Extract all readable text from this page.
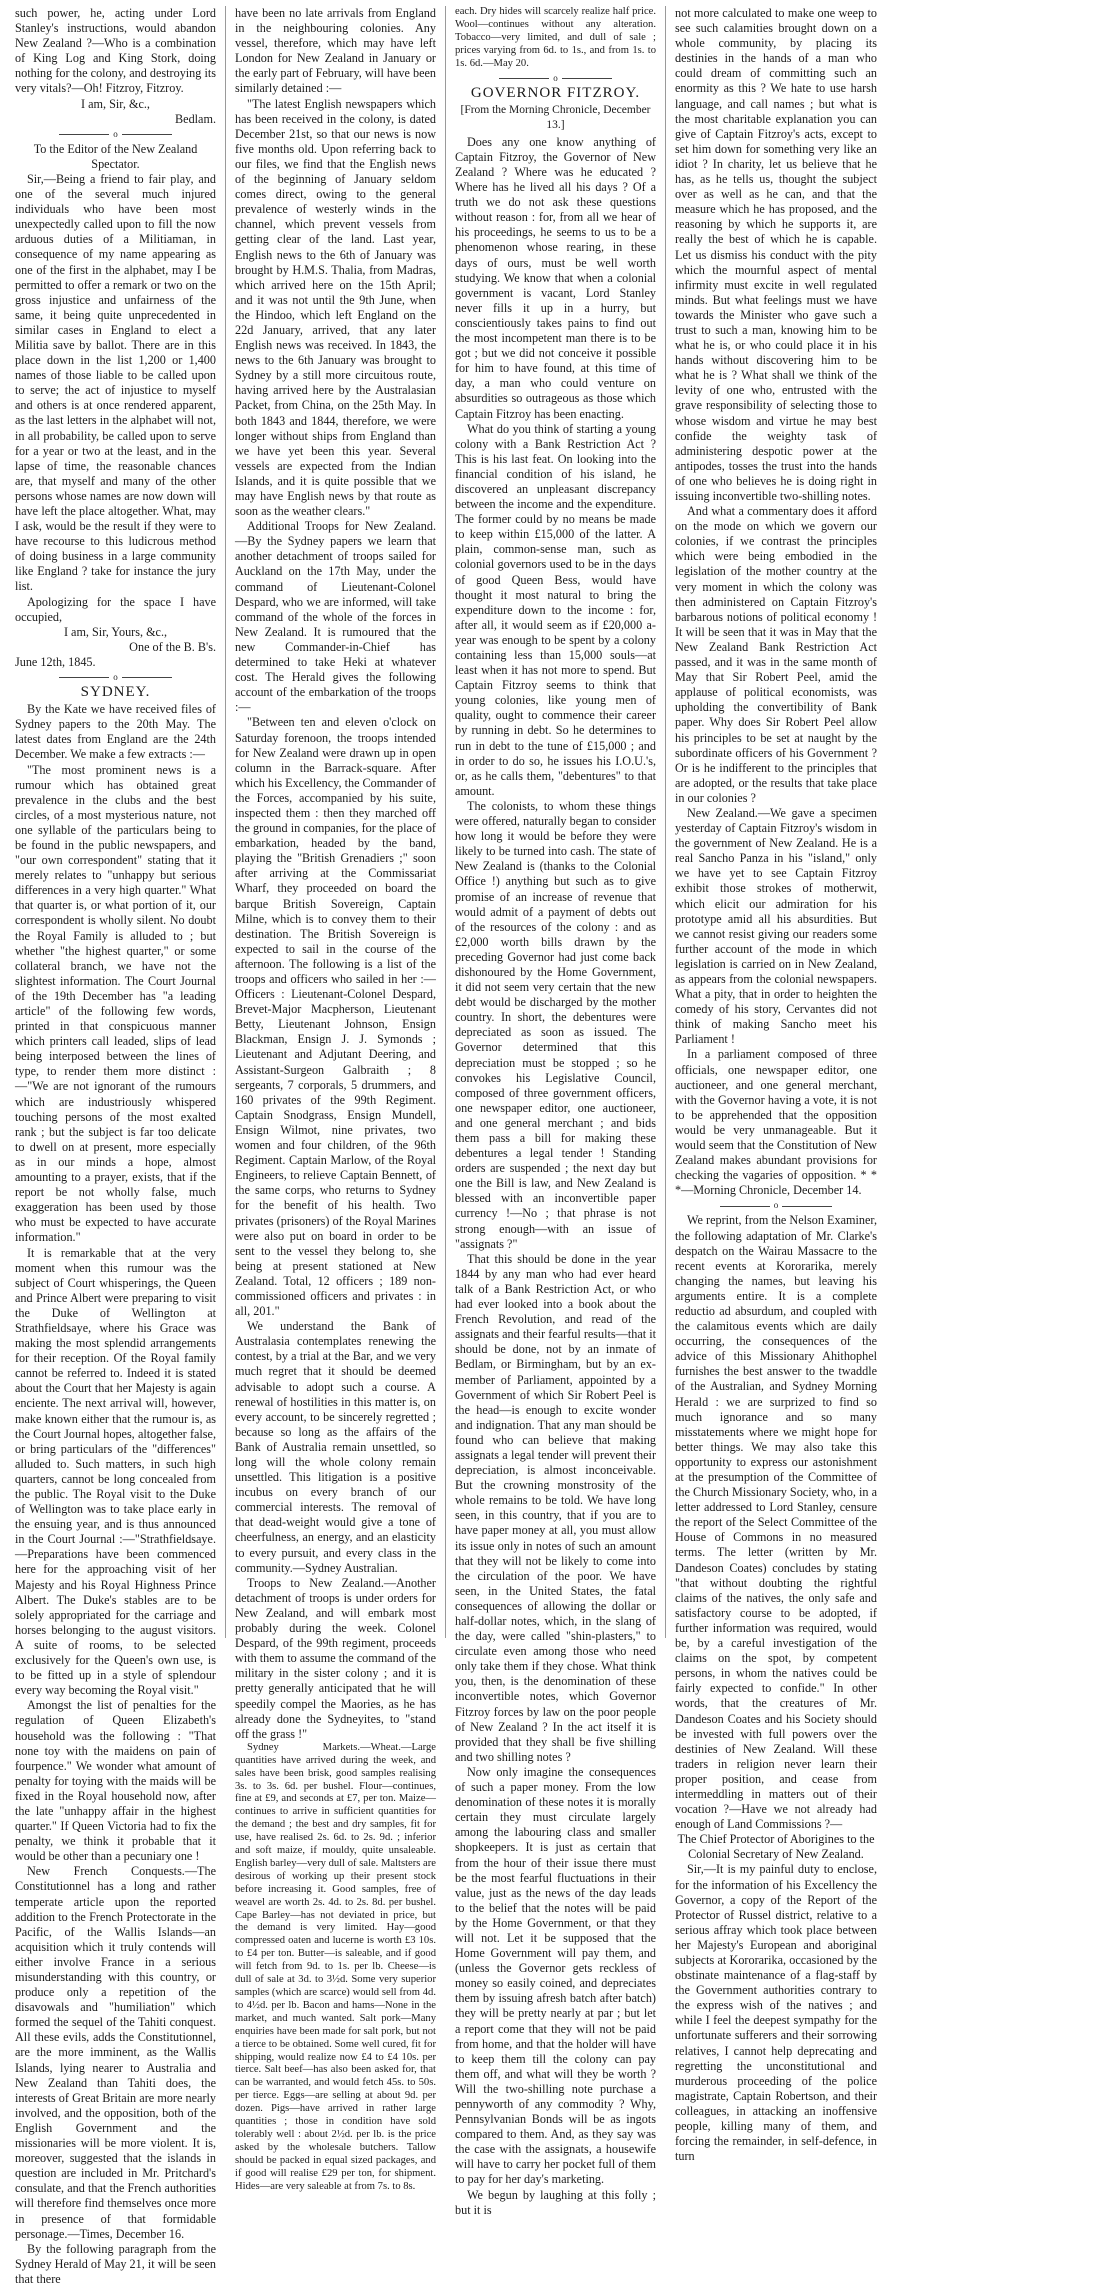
such power, he, acting under Lord Stanley's instructions, would abandon New Zealand ?—Who is a combination of King Log and King Stork, doing nothing for the colony, and destroying its very vitals?—Oh! Fitzroy, Fitzroy.

I am, Sir, &c.,

Bedlam.

o

To the Editor of the New Zealand Spectator.

Sir,—Being a friend to fair play, and one of the several much injured individuals who have been most unexpectedly called upon to fill the now arduous duties of a Militiaman, in consequence of my name appearing as one of the first in the alphabet, may I be permitted to offer a remark or two on the gross injustice and unfairness of the same, it being quite unprecedented in similar cases in England to elect a Militia save by ballot. There are in this place down in the list 1,200 or 1,400 names of those liable to be called upon to serve; the act of injustice to myself and others is at once rendered apparent, as the last letters in the alphabet will not, in all probability, be called upon to serve for a year or two at the least, and in the lapse of time, the reasonable chances are, that myself and many of the other persons whose names are now down will have left the place altogether. What, may I ask, would be the result if they were to have recourse to this ludicrous method of doing business in a large community like England ? take for instance the jury list.

Apologizing for the space I have occupied,

I am, Sir, Yours, &c.,

One of the B. B's.

June 12th, 1845.

o
SYDNEY.

By the Kate we have received files of Sydney papers to the 20th May. The latest dates from England are the 24th December. We make a few extracts :—

"The most prominent news is a rumour which has obtained great prevalence in the clubs and the best circles, of a most mysterious nature, not one syllable of the particulars being to be found in the public newspapers, and "our own correspondent" stating that it merely relates to "unhappy but serious differences in a very high quarter." What that quarter is, or what portion of it, our correspondent is wholly silent. No doubt the Royal Family is alluded to ; but whether "the highest quarter," or some collateral branch, we have not the slightest information. The Court Journal of the 19th December has "a leading article" of the following few words, printed in that conspicuous manner which printers call leaded, slips of lead being interposed between the lines of type, to render them more distinct :—"We are not ignorant of the rumours which are industriously whispered touching persons of the most exalted rank ; but the subject is far too delicate to dwell on at present, more especially as in our minds a hope, almost amounting to a prayer, exists, that if the report be not wholly false, much exaggeration has been used by those who must be expected to have accurate information."

It is remarkable that at the very moment when this rumour was the subject of Court whisperings, the Queen and Prince Albert were preparing to visit the Duke of Wellington at Strathfieldsaye, where his Grace was making the most splendid arrangements for their reception. Of the Royal family cannot be referred to. Indeed it is stated about the Court that her Majesty is again enciente. The next arrival will, however, make known either that the rumour is, as the Court Journal hopes, altogether false, or bring particulars of the "differences" alluded to. Such matters, in such high quarters, cannot be long concealed from the public. The Royal visit to the Duke of Wellington was to take place early in the ensuing year, and is thus announced in the Court Journal :—"Strathfieldsaye.—Preparations have been commenced here for the approaching visit of her Majesty and his Royal Highness Prince Albert. The Duke's stables are to be solely appropriated for the carriage and horses belonging to the august visitors. A suite of rooms, to be selected exclusively for the Queen's own use, is to be fitted up in a style of splendour every way becoming the Royal visit."

Amongst the list of penalties for the regulation of Queen Elizabeth's household was the following : "That none toy with the maidens on pain of fourpence." We wonder what amount of penalty for toying with the maids will be fixed in the Royal household now, after the late "unhappy affair in the highest quarter." If Queen Victoria had to fix the penalty, we think it probable that it would be other than a pecuniary one !

New French Conquests.—The Constitutionnel has a long and rather temperate article upon the reported addition to the French Protectorate in the Pacific, of the Wallis Islands—an acquisition which it truly contends will either involve France in a serious misunderstanding with this country, or produce only a repetition of the disavowals and "humiliation" which formed the sequel of the Tahiti conquest. All these evils, adds the Constitutionnel, are the more imminent, as the Wallis Islands, lying nearer to Australia and New Zealand than Tahiti does, the interests of Great Britain are more nearly involved, and the opposition, both of the English Government and the missionaries will be more violent. It is, moreover, suggested that the islands in question are included in Mr. Pritchard's consulate, and that the French authorities will therefore find themselves once more in presence of that formidable personage.—Times, December 16.

By the following paragraph from the Sydney Herald of May 21, it will be seen that there

have been no late arrivals from England in the neighbouring colonies. Any vessel, therefore, which may have left London for New Zealand in January or the early part of February, will have been similarly detained :—

"The latest English newspapers which has been received in the colony, is dated December 21st, so that our news is now five months old. Upon referring back to our files, we find that the English news of the beginning of January seldom comes direct, owing to the general prevalence of westerly winds in the channel, which prevent vessels from getting clear of the land. Last year, English news to the 6th of January was brought by H.M.S. Thalia, from Madras, which arrived here on the 15th April; and it was not until the 9th June, when the Hindoo, which left England on the 22d January, arrived, that any later English news was received. In 1843, the news to the 6th January was brought to Sydney by a still more circuitous route, having arrived here by the Australasian Packet, from China, on the 25th May. In both 1843 and 1844, therefore, we were longer without ships from England than we have yet been this year. Several vessels are expected from the Indian Islands, and it is quite possible that we may have English news by that route as soon as the weather clears."

Additional Troops for New Zealand.—By the Sydney papers we learn that another detachment of troops sailed for Auckland on the 17th May, under the command of Lieutenant-Colonel Despard, who we are informed, will take command of the whole of the forces in New Zealand. It is rumoured that the new Commander-in-Chief has determined to take Heki at whatever cost. The Herald gives the following account of the embarkation of the troops :—

"Between ten and eleven o'clock on Saturday forenoon, the troops intended for New Zealand were drawn up in open column in the Barrack-square. After which his Excellency, the Commander of the Forces, accompanied by his suite, inspected them : then they marched off the ground in companies, for the place of embarkation, headed by the band, playing the "British Grenadiers ;" soon after arriving at the Commissariat Wharf, they proceeded on board the barque British Sovereign, Captain Milne, which is to convey them to their destination. The British Sovereign is expected to sail in the course of the afternoon. The following is a list of the troops and officers who sailed in her :—Officers : Lieutenant-Colonel Despard, Brevet-Major Macpherson, Lieutenant Betty, Lieutenant Johnson, Ensign Blackman, Ensign J. J. Symonds ; Lieutenant and Adjutant Deering, and Assistant-Surgeon Galbraith ; 8 sergeants, 7 corporals, 5 drummers, and 160 privates of the 99th Regiment. Captain Snodgrass, Ensign Mundell, Ensign Wilmot, nine privates, two women and four children, of the 96th Regiment. Captain Marlow, of the Royal Engineers, to relieve Captain Bennett, of the same corps, who returns to Sydney for the benefit of his health. Two privates (prisoners) of the Royal Marines were also put on board in order to be sent to the vessel they belong to, she being at present stationed at New Zealand. Total, 12 officers ; 189 non-commissioned officers and privates : in all, 201."

We understand the Bank of Australasia contemplates renewing the contest, by a trial at the Bar, and we very much regret that it should be deemed advisable to adopt such a course. A renewal of hostilities in this matter is, on every account, to be sincerely regretted ; because so long as the affairs of the Bank of Australia remain unsettled, so long will the whole colony remain unsettled. This litigation is a positive incubus on every branch of our commercial interests. The removal of that dead-weight would give a tone of cheerfulness, an energy, and an elasticity to every pursuit, and every class in the community.—Sydney Australian.

Troops to New Zealand.—Another detachment of troops is under orders for New Zealand, and will embark most probably during the week. Colonel Despard, of the 99th regiment, proceeds with them to assume the command of the military in the sister colony ; and it is pretty generally anticipated that he will speedily compel the Maories, as he has already done the Sydneyites, to "stand off the grass !"

Sydney Markets.—Wheat.—Large quantities have arrived during the week, and sales have been brisk, good samples realising 3s. to 3s. 6d. per bushel. Flour—continues, fine at £9, and seconds at £7, per ton. Maize—continues to arrive in sufficient quantities for the demand ; the best and dry samples, fit for use, have realised 2s. 6d. to 2s. 9d. ; inferior and soft maize, if mouldy, quite unsaleable. English barley—very dull of sale. Maltsters are desirous of working up their present stock before increasing it. Good samples, free of weavel are worth 2s. 4d. to 2s. 8d. per bushel. Cape Barley—has not deviated in price, but the demand is very limited. Hay—good compressed oaten and lucerne is worth £3 10s. to £4 per ton. Butter—is saleable, and if good will fetch from 9d. to 1s. per lb. Cheese—is dull of sale at 3d. to 3½d. Some very superior samples (which are scarce) would sell from 4d. to 4½d. per lb. Bacon and hams—None in the market, and much wanted. Salt pork—Many enquiries have been made for salt pork, but not a tierce to be obtained. Some well cured, fit for shipping, would realize now £4 to £4 10s. per tierce. Salt beef—has also been asked for, that can be warranted, and would fetch 45s. to 50s. per tierce. Eggs—are selling at about 9d. per dozen. Pigs—have arrived in rather large quantities ; those in condition have sold tolerably well : about 2½d. per lb. is the price asked by the wholesale butchers. Tallow should be packed in equal sized packages, and if good will realise £29 per ton, for shipment. Hides—are very saleable at from 7s. to 8s.

each. Dry hides will scarcely realize half price. Wool—continues without any alteration. Tobacco—very limited, and dull of sale ; prices varying from 6d. to 1s., and from 1s. to 1s. 6d.—May 20.

o
GOVERNOR FITZROY.

[From the Morning Chronicle, December 13.]

Does any one know anything of Captain Fitzroy, the Governor of New Zealand ? Where was he educated ? Where has he lived all his days ? Of a truth we do not ask these questions without reason : for, from all we hear of his proceedings, he seems to us to be a phenomenon whose rearing, in these days of ours, must be well worth studying. We know that when a colonial government is vacant, Lord Stanley never fills it up in a hurry, but conscientiously takes pains to find out the most incompetent man there is to be got ; but we did not conceive it possible for him to have found, at this time of day, a man who could venture on absurdities so outrageous as those which Captain Fitzroy has been enacting.

What do you think of starting a young colony with a Bank Restriction Act ? This is his last feat. On looking into the financial condition of his island, he discovered an unpleasant discrepancy between the income and the expenditure. The former could by no means be made to keep within £15,000 of the latter. A plain, common-sense man, such as colonial governors used to be in the days of good Queen Bess, would have thought it most natural to bring the expenditure down to the income : for, after all, it would seem as if £20,000 a-year was enough to be spent by a colony containing less than 15,000 souls—at least when it has not more to spend. But Captain Fitzroy seems to think that young colonies, like young men of quality, ought to commence their career by running in debt. So he determines to run in debt to the tune of £15,000 ; and in order to do so, he issues his I.O.U.'s, or, as he calls them, "debentures" to that amount.

The colonists, to whom these things were offered, naturally began to consider how long it would be before they were likely to be turned into cash. The state of New Zealand is (thanks to the Colonial Office !) anything but such as to give promise of an increase of revenue that would admit of a payment of debts out of the resources of the colony : and as £2,000 worth bills drawn by the preceding Governor had just come back dishonoured by the Home Government, it did not seem very certain that the new debt would be discharged by the mother country. In short, the debentures were depreciated as soon as issued. The Governor determined that this depreciation must be stopped ; so he convokes his Legislative Council, composed of three government officers, one newspaper editor, one auctioneer, and one general merchant ; and bids them pass a bill for making these debentures a legal tender ! Standing orders are suspended ; the next day but one the Bill is law, and New Zealand is blessed with an inconvertible paper currency !—No ; that phrase is not strong enough—with an issue of "assignats ?"

That this should be done in the year 1844 by any man who had ever heard talk of a Bank Restriction Act, or who had ever looked into a book about the French Revolution, and read of the assignats and their fearful results—that it should be done, not by an inmate of Bedlam, or Birmingham, but by an ex-member of Parliament, appointed by a Government of which Sir Robert Peel is the head—is enough to excite wonder and indignation. That any man should be found who can believe that making assignats a legal tender will prevent their depreciation, is almost inconceivable. But the crowning monstrosity of the whole remains to be told. We have long seen, in this country, that if you are to have paper money at all, you must allow its issue only in notes of such an amount that they will not be likely to come into the circulation of the poor. We have seen, in the United States, the fatal consequences of allowing the dollar or half-dollar notes, which, in the slang of the day, were called "shin-plasters," to circulate even among those who need only take them if they chose. What think you, then, is the denomination of these inconvertible notes, which Governor Fitzroy forces by law on the poor people of New Zealand ? In the act itself it is provided that they shall be five shilling and two shilling notes ?

Now only imagine the consequences of such a paper money. From the low denomination of these notes it is morally certain they must circulate largely among the labouring class and smaller shopkeepers. It is just as certain that from the hour of their issue there must be the most fearful fluctuations in their value, just as the news of the day leads to the belief that the notes will be paid by the Home Government, or that they will not. Let it be supposed that the Home Government will pay them, and (unless the Governor gets reckless of money so easily coined, and depreciates them by issuing afresh batch after batch) they will be pretty nearly at par ; but let a report come that they will not be paid from home, and that the holder will have to keep them till the colony can pay them off, and what will they be worth ? Will the two-shilling note purchase a pennyworth of any commodity ? Why, Pennsylvanian Bonds will be as ingots compared to them. And, as they say was the case with the assignats, a housewife will have to carry her pocket full of them to pay for her day's marketing.

We begun by laughing at this folly ; but it is

not more calculated to make one weep to see such calamities brought down on a whole community, by placing its destinies in the hands of a man who could dream of committing such an enormity as this ? We hate to use harsh language, and call names ; but what is the most charitable explanation you can give of Captain Fitzroy's acts, except to set him down for something very like an idiot ? In charity, let us believe that he has, as he tells us, thought the subject over as well as he can, and that the measure which he has proposed, and the reasoning by which he supports it, are really the best of which he is capable. Let us dismiss his conduct with the pity which the mournful aspect of mental infirmity must excite in well regulated minds. But what feelings must we have towards the Minister who gave such a trust to such a man, knowing him to be what he is, or who could place it in his hands without discovering him to be what he is ? What shall we think of the levity of one who, entrusted with the grave responsibility of selecting those to whose wisdom and virtue he may best confide the weighty task of administering despotic power at the antipodes, tosses the trust into the hands of one who believes he is doing right in issuing inconvertible two-shilling notes.

And what a commentary does it afford on the mode on which we govern our colonies, if we contrast the principles which were being embodied in the legislation of the mother country at the very moment in which the colony was then administered on Captain Fitzroy's barbarous notions of political economy ! It will be seen that it was in May that the New Zealand Bank Restriction Act passed, and it was in the same month of May that Sir Robert Peel, amid the applause of political economists, was upholding the convertibility of Bank paper. Why does Sir Robert Peel allow his principles to be set at naught by the subordinate officers of his Government ? Or is he indifferent to the principles that are adopted, or the results that take place in our colonies ?

New Zealand.—We gave a specimen yesterday of Captain Fitzroy's wisdom in the government of New Zealand. He is a real Sancho Panza in his "island," only we have yet to see Captain Fitzroy exhibit those strokes of motherwit, which elicit our admiration for his prototype amid all his absurdities. But we cannot resist giving our readers some further account of the mode in which legislation is carried on in New Zealand, as appears from the colonial newspapers. What a pity, that in order to heighten the comedy of his story, Cervantes did not think of making Sancho meet his Parliament !

In a parliament composed of three officials, one newspaper editor, one auctioneer, and one general merchant, with the Governor having a vote, it is not to be apprehended that the opposition would be very unmanageable. But it would seem that the Constitution of New Zealand makes abundant provisions for checking the vagaries of opposition. * * *—Morning Chronicle, December 14.

o

We reprint, from the Nelson Examiner, the following adaptation of Mr. Clarke's despatch on the Wairau Massacre to the recent events at Kororarika, merely changing the names, but leaving his arguments entire. It is a complete reductio ad absurdum, and coupled with the calamitous events which are daily occurring, the consequences of the advice of this Missionary Ahithophel furnishes the best answer to the twaddle of the Australian, and Sydney Morning Herald : we are surprized to find so much ignorance and so many misstatements where we might hope for better things. We may also take this opportunity to express our astonishment at the presumption of the Committee of the Church Missionary Society, who, in a letter addressed to Lord Stanley, censure the report of the Select Committee of the House of Commons in no measured terms. The letter (written by Mr. Dandeson Coates) concludes by stating "that without doubting the rightful claims of the natives, the only safe and satisfactory course to be adopted, if further information was required, would be, by a careful investigation of the claims on the spot, by competent persons, in whom the natives could be fairly expected to confide." In other words, that the creatures of Mr. Dandeson Coates and his Society should be invested with full powers over the destinies of New Zealand. Will these traders in religion never learn their proper position, and cease from intermeddling in matters out of their vocation ?—Have we not already had enough of Land Commissions ?—

The Chief Protector of Aborigines to the Colonial Secretary of New Zealand.

Sir,—It is my painful duty to enclose, for the information of his Excellency the Governor, a copy of the Report of the Protector of Russel district, relative to a serious affray which took place between her Majesty's European and aboriginal subjects at Kororarika, occasioned by the obstinate maintenance of a flag-staff by the Government authorities contrary to the express wish of the natives ; and while I feel the deepest sympathy for the unfortunate sufferers and their sorrowing relatives, I cannot help deprecating and regretting the unconstitutional and murderous proceeding of the police magistrate, Captain Robertson, and their colleagues, in attacking an inoffensive people, killing many of them, and forcing the remainder, in self-defence, in turn
